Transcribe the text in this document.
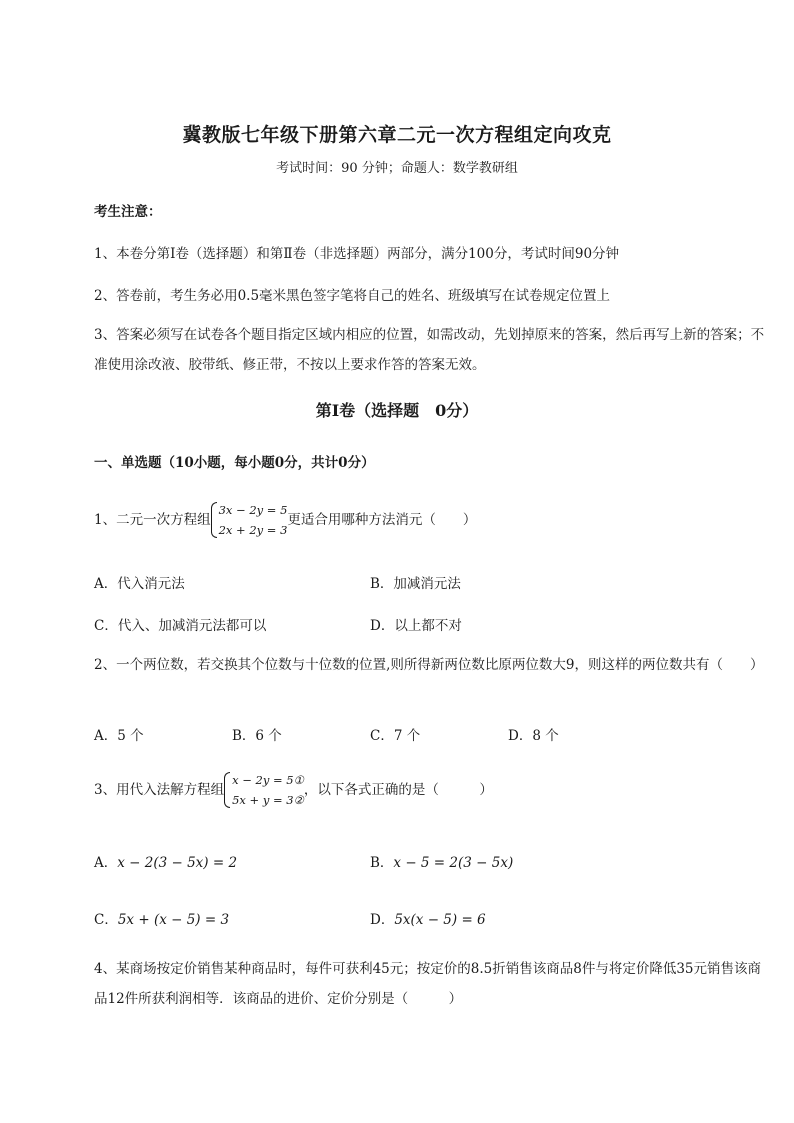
冀教版七年级下册第六章二元一次方程组定向攻克
考试时间：90 分钟；命题人：数学教研组
考生注意：
1、本卷分第Ⅰ卷（选择题）和第Ⅱ卷（非选择题）两部分，满分100分，考试时间90分钟
2、答卷前，考生务必用0.5毫米黑色签字笔将自己的姓名、班级填写在试卷规定位置上
3、答案必须写在试卷各个题目指定区域内相应的位置，如需改动，先划掉原来的答案，然后再写上新的答案；不准使用涂改液、胶带纸、修正带，不按以上要求作答的答案无效。
第Ⅰ卷（选择题　0分）
一、单选题（10小题，每小题0分，共计0分）
1、二元一次方程组
3x − 2y = 5
2x + 2y = 3
更适合用哪种方法消元（　　）
A．代入消元法	B．加减消元法
C．代入、加减消元法都可以	D．以上都不对
2、一个两位数，若交换其个位数与十位数的位置,则所得新两位数比原两位数大9，则这样的两位数共有（　　）
A．5 个	B．6 个	C．7 个	D．8 个
3、用代入法解方程组
x − 2y = 5①
5x + y = 3②
，以下各式正确的是（　　　）
A．x − 2(3 − 5x) = 2	B．x − 5 = 2(3 − 5x)
C．5x + (x − 5) = 3	D．5x(x − 5) = 6
4、某商场按定价销售某种商品时，每件可获利45元；按定价的8.5折销售该商品8件与将定价降低35元销售该商品12件所获利润相等．该商品的进价、定价分别是（　　　）
